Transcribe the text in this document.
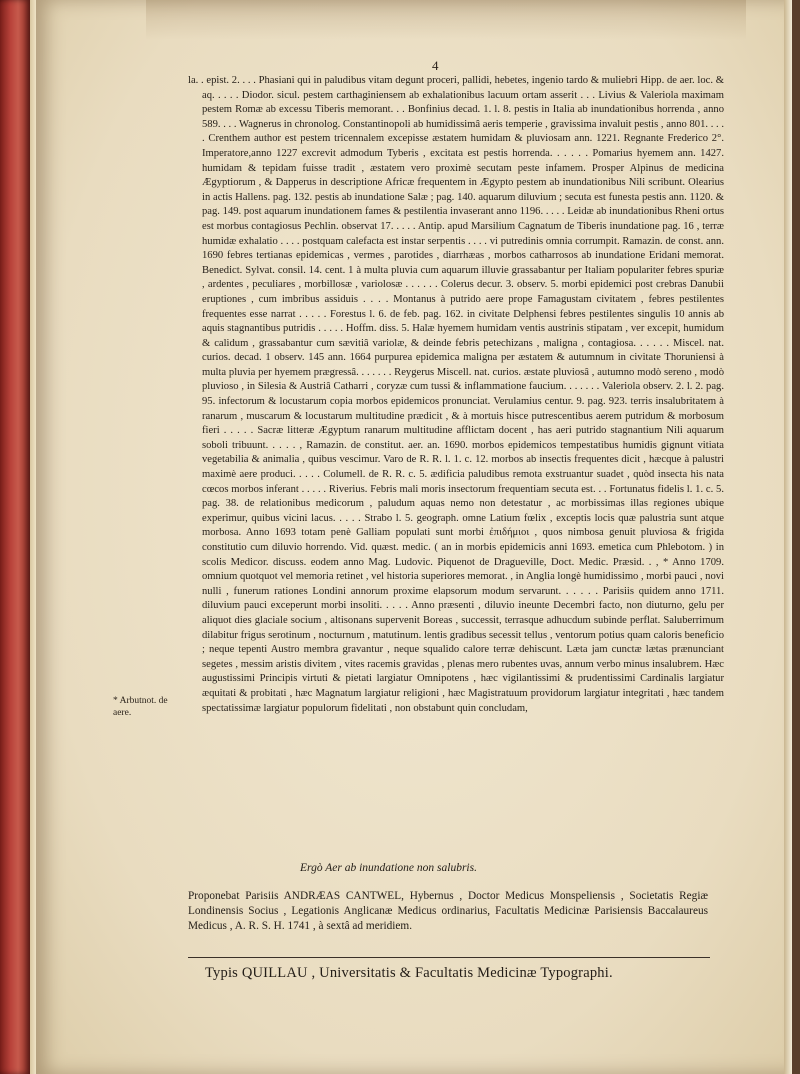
4
la. . epist. 2. . . . Phasiani qui in paludibus vitam degunt proceri, pallidi, hebetes, ingenio tardo & muliebri Hipp. de aer. loc. & aq. . . . . Diodor. sicul. pestem carthaginiensem ab exhalationibus lacuum ortam asserit . . . Livius & Valeriola maximam pestem Romæ ab excessu Tiberis memorant. . . Bonfinius decad. 1. l. 8. pestis in Italia ab inundationibus horrenda , anno 589. . . . Wagnerus in chronolog. Constantinopoli ab humidissimâ aeris temperie , gravissima invaluit pestis , anno 801. . . . . Crenthem author est pestem tricennalem excepisse æstatem humidam & pluviosam ann. 1221. Regnante Frederico 2°. Imperatore,anno 1227 excrevit admodum Tyberis , excitata est pestis horrenda. . . . . . Pomarius hyemem ann. 1427. humidam & tepidam fuisse tradit , æstatem vero proximè secutam peste infamem. Prosper Alpinus de medicina Ægyptiorum , & Dapperus in descriptione Africæ frequentem in Ægypto pestem ab inundationibus Nili scribunt. Olearius in actis Hallens. pag. 132. pestis ab inundatione Salæ ; pag. 140. aquarum diluvium ; secuta est funesta pestis ann. 1120. & pag. 149. post aquarum inundationem fames & pestilentia invaserant anno 1196. . . . . Leidæ ab inundationibus Rheni ortus est morbus contagiosus Pechlin. observat 17. . . . . Antip. apud Marsilium Cagnatum de Tiberis inundatione pag. 16 , terræ humidæ exhalatio . . . . postquam calefacta est instar serpentis . . . . vi putredinis omnia corrumpit. Ramazin. de const. ann. 1690 febres tertianas epidemicas , vermes , parotides , diarrhæas , morbos catharrosos ab inundatione Eridani memorat. Benedict. Sylvat. consil. 14. cent. 1 à multa pluvia cum aquarum illuvie grassabantur per Italiam populariter febres spuriæ , ardentes , peculiares , morbillosæ , variolosæ . . . . . . Colerus decur. 3. observ. 5. morbi epidemici post crebras Danubii eruptiones , cum imbribus assiduis . . . . Montanus à putrido aere prope Famagustam civitatem , febres pestilentes frequentes esse narrat . . . . . Forestus l. 6. de feb. pag. 162. in civitate Delphensi febres pestilentes singulis 10 annis ab aquis stagnantibus putridis . . . . . Hoffm. diss. 5. Halæ hyemem humidam ventis austrinis stipatam , ver excepit, humidum & calidum , grassabantur cum sævitiâ variolæ, & deinde febris petechizans , maligna , contagiosa. . . . . . Miscel. nat. curios. decad. 1 observ. 145 ann. 1664 purpurea epidemica maligna per æstatem & autumnum in civitate Thoruniensi à multa pluvia per hyemem prægressâ. . . . . . . Reygerus Miscell. nat. curios. æstate pluviosâ , autumno modò sereno , modò pluvioso , in Silesia & Austriâ Catharri , coryzæ cum tussi & inflammatione faucium. . . . . . . Valeriola observ. 2. l. 2. pag. 95. infectorum & locustarum copia morbos epidemicos pronunciat. Verulamius centur. 9. pag. 923. terris insalubritatem à ranarum , muscarum & locustarum multitudine prædicit , & à mortuis hisce putrescentibus aerem putridum & morbosum fieri . . . . . Sacræ litteræ Ægyptum ranarum multitudine afflictam docent , has aeri putrido stagnantium Nili aquarum soboli tribuunt. . . . . , Ramazin. de constitut. aer. an. 1690. morbos epidemicos tempestatibus humidis gignunt vitiata vegetabilia & animalia , quibus vescimur. Varo de R. R. l. 1. c. 12. morbos ab insectis frequentes dicit , hæcque à palustri maximè aere produci. . . . . Columell. de R. R. c. 5. ædificia paludibus remota exstruantur suadet , quòd insecta his nata cœcos morbos inferant . . . . . Riverius. Febris mali moris insectorum frequentiam secuta est. . . Fortunatus fidelis l. 1. c. 5. pag. 38. de relationibus medicorum , paludum aquas nemo non detestatur , ac morbissimas illas regiones ubique experimur, quibus vicini lacus. . . . . Strabo l. 5. geograph. omne Latium fœlix , exceptis locis quæ palustria sunt atque morbosa. Anno 1693 totam penè Galliam populati sunt morbi ἐπιδήμιοι , quos nimbosa genuit pluviosa & frigida constitutio cum diluvio horrendo. Vid. quæst. medic. ( an in morbis epidemicis anni 1693. emetica cum Phlebotom. ) in scolis Medicor. discuss. eodem anno Mag. Ludovic. Piquenot de Dragueville, Doct. Medic. Præsid. . , * Anno 1709. omnium quotquot vel memoria retinet , vel historia superiores memorat. , in Anglia longè humidissimo , morbi pauci , novi nulli , funerum rationes Londini annorum proxime elapsorum modum servarunt. . . . . . Parisiis quidem anno 1711. diluvium pauci exceperunt morbi insoliti. . . . . Anno præsenti , diluvio ineunte Decembri facto, non diuturno, gelu per aliquot dies glaciale socium , altisonans supervenit Boreas , successit, terrasque adhucdum subinde perflat. Saluberrimum dilabitur frigus serotinum , nocturnum , matutinum. lentis gradibus secessit tellus , ventorum potius quam caloris beneficio ; neque tepenti Austro membra gravantur , neque squalido calore terræ dehiscunt. Læta jam cunctæ lætas prænunciant segetes , messim aristis divitem , vites racemis gravidas , plenas mero rubentes uvas, annum verbo minus insalubrem. Hæc augustissimi Principis virtuti & pietati largiatur Omnipotens , hæc vigilantissimi & prudentissimi Cardinalis largiatur æquitati & probitati , hæc Magnatum largiatur religioni , hæc Magistratuum providorum largiatur integritati , hæc tandem spectatissimæ largiatur populorum fidelitati , non obstabunt quin concludam,
* Arbutnot. de aere.
Ergò Aer ab inundatione non salubris.
Proponebat Parisiis ANDRÆAS CANTWEL, Hybernus , Doctor Medicus Monspeliensis , Societatis Regiæ Londinensis Socius , Legationis Anglicanæ Medicus ordinarius, Facultatis Medicinæ Parisiensis Baccalaureus Medicus , A. R. S. H. 1741 , à sextâ ad meridiem.
Typis QUILLAU , Universitatis & Facultatis Medicinæ Typographi.
